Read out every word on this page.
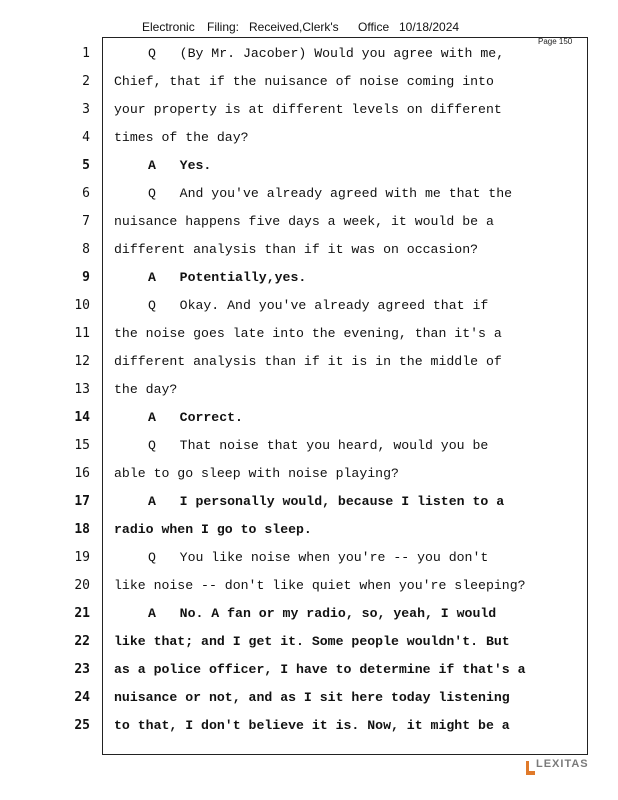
Electronic Filing: Received,Clerk's Office 10/18/2024
Page 150
1	Q   (By Mr. Jacober) Would you agree with me,
2 Chief, that if the nuisance of noise coming into
3 your property is at different levels on different
4 times of the day?
5	A   Yes.
6	Q   And you've already agreed with me that the
7 nuisance happens five days a week, it would be a
8 different analysis than if it was on occasion?
9	A   Potentially,yes.
10	Q   Okay. And you've already agreed that if
11 the noise goes late into the evening, than it's a
12 different analysis than if it is in the middle of
13 the day?
14	A   Correct.
15	Q   That noise that you heard, would you be
16 able to go sleep with noise playing?
17	A   I personally would, because I listen to a
18 radio when I go to sleep.
19	Q   You like noise when you're -- you don't
20 like noise -- don't like quiet when you're sleeping?
21	A   No. A fan or my radio, so, yeah, I would
22 like that; and I get it. Some people wouldn't. But
23 as a police officer, I have to determine if that's a
24 nuisance or not, and as I sit here today listening
25 to that, I don't believe it is. Now, it might be a
LEXITAS
